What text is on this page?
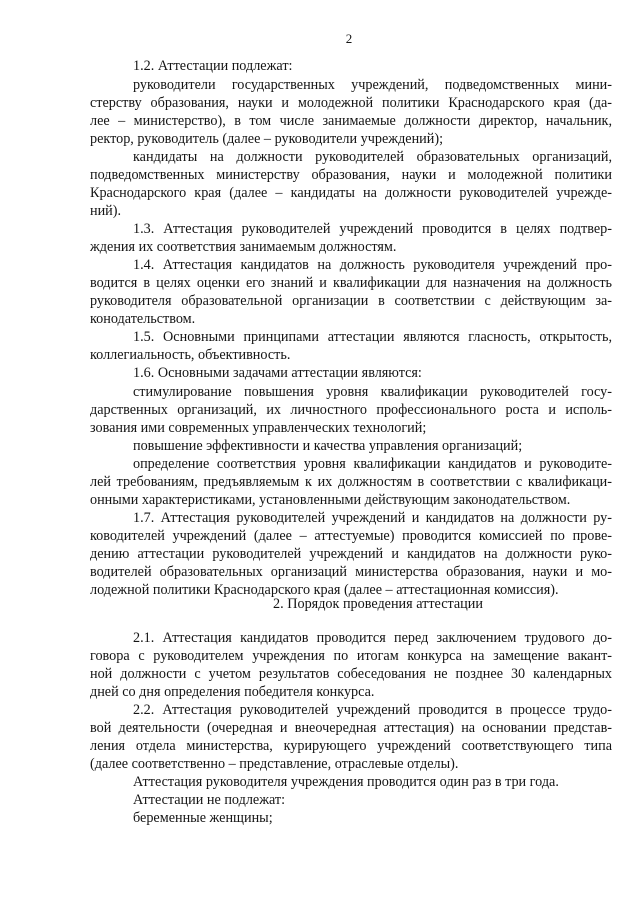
2
1.2. Аттестации подлежат:
руководители государственных учреждений, подведомственных мини-
стерству образования, науки и молодежной политики Краснодарского края (да-
лее – министерство), в том числе занимаемые должности директор, начальник,
ректор, руководитель (далее – руководители учреждений);
кандидаты на должности руководителей образовательных организаций,
подведомственных министерству образования, науки и молодежной политики
Краснодарского края (далее – кандидаты на должности руководителей учрежде-
ний).
1.3. Аттестация руководителей учреждений проводится в целях подтвер-
ждения их соответствия занимаемым должностям.
1.4. Аттестация кандидатов на должность руководителя учреждений про-
водится в целях оценки его знаний и квалификации для назначения на должность
руководителя образовательной организации в соответствии с действующим за-
конодательством.
1.5. Основными принципами аттестации являются гласность, открытость,
коллегиальность, объективность.
1.6. Основными задачами аттестации являются:
стимулирование повышения уровня квалификации руководителей госу-
дарственных организаций, их личностного профессионального роста и исполь-
зования ими современных управленческих технологий;
повышение эффективности и качества управления организаций;
определение соответствия уровня квалификации кандидатов и руководите-
лей требованиям, предъявляемым к их должностям в соответствии с квалификаци-
онными характеристиками, установленными действующим законодательством.
1.7. Аттестация руководителей учреждений и кандидатов на должности ру-
ководителей учреждений (далее – аттестуемые) проводится комиссией по прове-
дению аттестации руководителей учреждений и кандидатов на должности руко-
водителей образовательных организаций министерства образования, науки и мо-
лодежной политики Краснодарского края (далее – аттестационная комиссия).
2. Порядок проведения аттестации
2.1. Аттестация кандидатов проводится перед заключением трудового до-
говора с руководителем учреждения по итогам конкурса на замещение вакант-
ной должности с учетом результатов собеседования не позднее 30 календарных
дней со дня определения победителя конкурса.
2.2. Аттестация руководителей учреждений проводится в процессе трудо-
вой деятельности (очередная и внеочередная аттестация) на основании представ-
ления отдела министерства, курирующего учреждений соответствующего типа
(далее соответственно – представление, отраслевые отделы).
Аттестация руководителя учреждения проводится один раз в три года.
Аттестации не подлежат:
беременные женщины;
